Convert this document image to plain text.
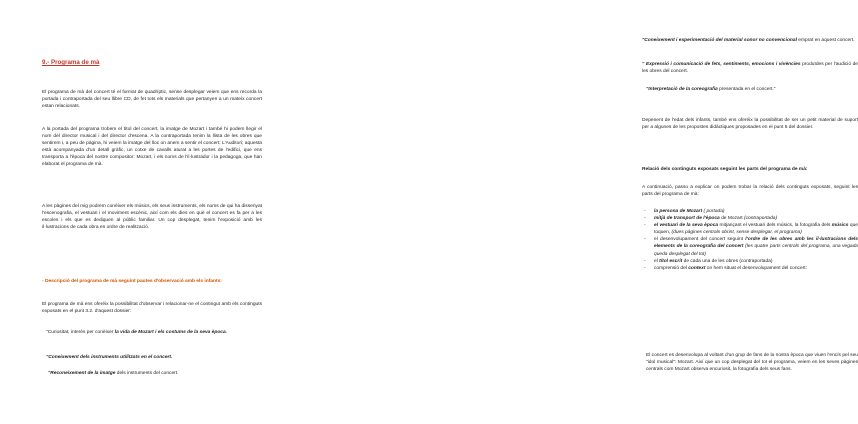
9.- Programa de mà

El programa de mà del concert té el format de quadríptic, sense desplegar veiem que ens recorda la portada i contraportada del seu llibre CD, de fet tots els materials que pertanyen a un mateix concert estan relacionats.

A la portada del programa trobem el títol del concert, la imatge de Mozart i també hi podem llegir el nom del director musical i del director d'escena. A la contraportada tenim la llista de les obres que sentirem i, a peu de pàgina, hi veiem la imatge del lloc on anem a sentir el concert: L'Auditori; aquesta està acompanyada d'un detall gràfic, un cotxe de cavalls aturat a les portes de l'edifici, que ens transporta a l'època del nostre compositor: Mozart, i els noms de l'il·lustrador i la pedagoga, que han elaborat el programa de mà.

A les pàgines del mig podrem conèixer els músics, els seus instruments, els noms de qui ha dissenyat l'escenografia, el vestuari i el moviment escènic, així com els dies en què el concert es fa per a les escoles i els que es dediquen al públic familiar. Un cop desplegat, tenim l'exposició amb les il·lustracions de cada obra en ordre de realització.

- Descripció del programa de mà seguint pautes d'observació amb els infants:

El programa de mà ens oferéix la possibilitat d'observar i relacionar-ne el contingut amb els continguts exposats en el punt 3.2. d'aquest dossier:

"Curiositat, interès per conèixer la vida de Mozart i els costums de la seva època.

"Coneixement dels instruments utilitzats en el concert.

"Reconeixement de la imatge dels instruments del concert.

"Coneixement i experimentació del material sonor no convencional emprat en aquest concert.

" Expressió i comunicació de fets, sentiments, emocions i vivències produïdes per l'audició de les obres del concert.

"Interpretació de la coreografia presentada en el concert."

Depenent de l'edat dels infants, també ens oferéix la possibilitat de ser un petit material de suport per a algunes de les propostes didàctiques proposades en el punt 5 del dossier.

Relació dels continguts exposats seguint les parts del programa de mà:

A continuació, passo a explicar on podem trobar la relació dels continguts exposats, seguint les parts del programa de mà:

- la persona de Mozart ( portada)
- mitjà de transport de l'època de Mozart (contraportada)
- el vestuari de la seva època mitjançant el vestuari dels músics, la fotografia dels músics que toquen, (dues pàgines centrals obrint, sense desplegar, el programa)
- el desenvolupament del concert seguint l'ordre de les obres amb les il·lustracions dels elements de la coreografia del concert (les quatre parts centrals del programa, una vegada queda desplegat del tot)
- el títol escrit de cada una de les obres (contraportada)
- comprensió del context on hem situat el desenvolupament del concert:

El concert es desenvolupa al voltant d'un grup de fans de la nostra època que viuen l'encís pel seu "idol musical": Mozart. Així que un cop desplegat del tot el programa, veiem en les seves pàgines centrals com Mozart observa encuriosit, la fotografia dels seus fans.
